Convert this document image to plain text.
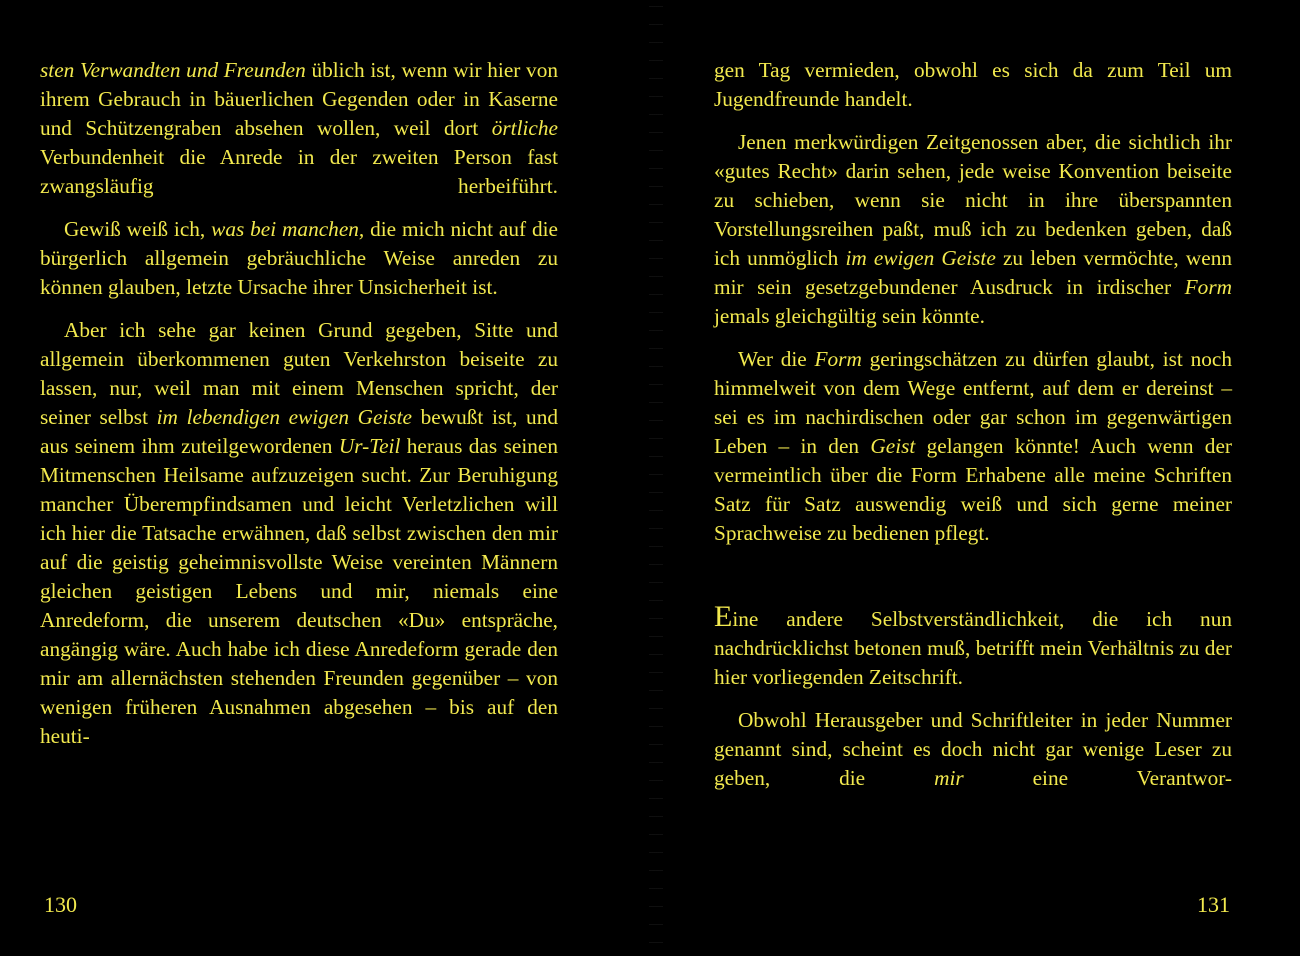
sten Verwandten und Freunden üblich ist, wenn wir hier von ihrem Gebrauch in bäuerlichen Gegenden oder in Kaserne und Schützengraben absehen wollen, weil dort örtliche Verbundenheit die Anrede in der zweiten Person fast zwangsläufig herbeiführt.

Gewiß weiß ich, was bei manchen, die mich nicht auf die bürgerlich allgemein gebräuchliche Weise anreden zu können glauben, letzte Ursache ihrer Unsicherheit ist.

Aber ich sehe gar keinen Grund gegeben, Sitte und allgemein überkommenen guten Verkehrston beiseite zu lassen, nur, weil man mit einem Menschen spricht, der seiner selbst im lebendigen ewigen Geiste bewußt ist, und aus seinem ihm zuteilgewordenen Ur-Teil heraus das seinen Mitmenschen Heilsame aufzuzeigen sucht. Zur Beruhigung mancher Überempfindsamen und leicht Verletzlichen will ich hier die Tatsache erwähnen, daß selbst zwischen den mir auf die geistig geheimnisvollste Weise vereinten Männern gleichen geistigen Lebens und mir, niemals eine Anredeform, die unserem deutschen «Du» entspräche, angängig wäre. Auch habe ich diese Anredeform gerade den mir am allernächsten stehenden Freunden gegenüber – von wenigen früheren Ausnahmen abgesehen – bis auf den heuti-

130

gen Tag vermieden, obwohl es sich da zum Teil um Jugendfreunde handelt.

Jenen merkwürdigen Zeitgenossen aber, die sichtlich ihr «gutes Recht» darin sehen, jede weise Konvention beiseite zu schieben, wenn sie nicht in ihre überspannten Vorstellungsreihen paßt, muß ich zu bedenken geben, daß ich unmöglich im ewigen Geiste zu leben vermöchte, wenn mir sein gesetzgebundener Ausdruck in irdischer Form jemals gleichgültig sein könnte.

Wer die Form geringschätzen zu dürfen glaubt, ist noch himmelweit von dem Wege entfernt, auf dem er dereinst – sei es im nachirdischen oder gar schon im gegenwärtigen Leben – in den Geist gelangen könnte! Auch wenn der vermeintlich über die Form Erhabene alle meine Schriften Satz für Satz auswendig weiß und sich gerne meiner Sprachweise zu bedienen pflegt.

Eine andere Selbstverständlichkeit, die ich nun nachdrücklichst betonen muß, betrifft mein Verhältnis zu der hier vorliegenden Zeitschrift.

Obwohl Herausgeber und Schriftleiter in jeder Nummer genannt sind, scheint es doch nicht gar wenige Leser zu geben, die mir eine Verantwor-

131
